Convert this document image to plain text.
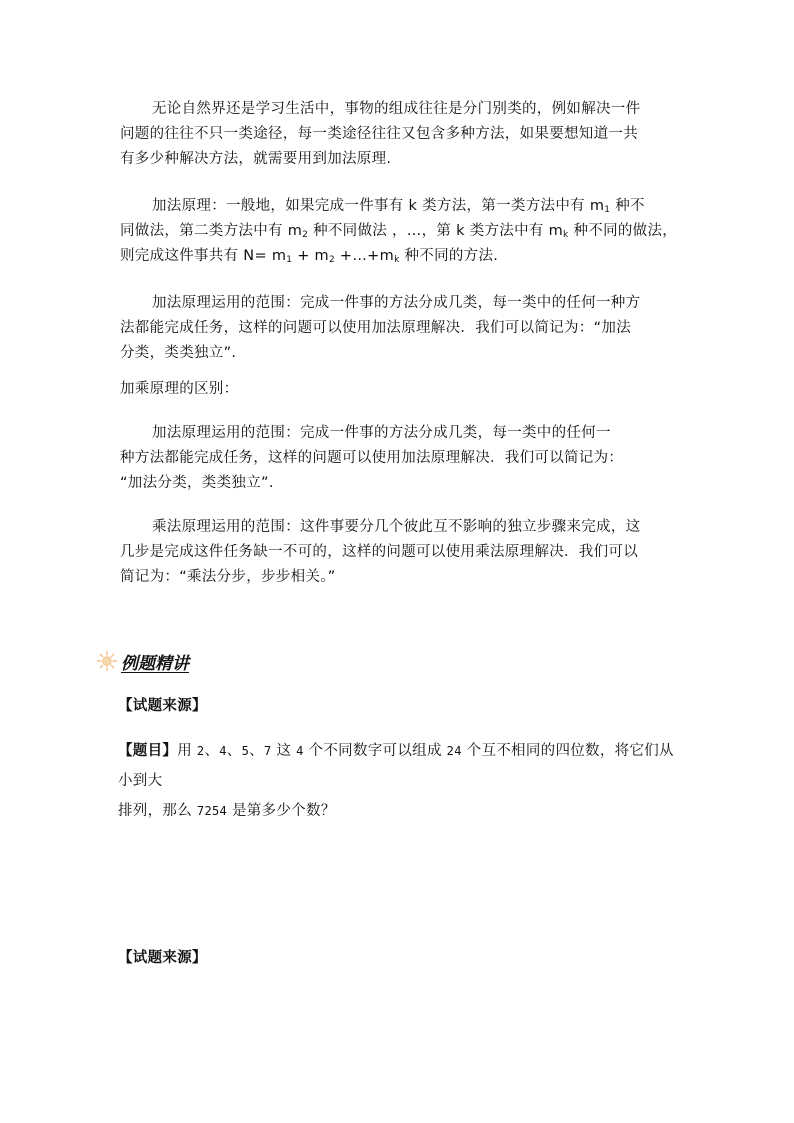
无论自然界还是学习生活中，事物的组成往往是分门别类的，例如解决一件
问题的往往不只一类途径，每一类途径往往又包含多种方法，如果要想知道一共
有多少种解决方法，就需要用到加法原理.
加法原理：一般地，如果完成一件事有 k 类方法，第一类方法中有 $m_1$ 种不
同做法，第二类方法中有 $m_2$ 种不同做法 ，…，第 k 类方法中有 $m_k$ 种不同的做法，
则完成这件事共有 $N= m_1 + m_2$ $+\dots+m_k$ 种不同的方法.
加法原理运用的范围：完成一件事的方法分成几类，每一类中的任何一种方
法都能完成任务，这样的问题可以使用加法原理解决．我们可以简记为：“加法
分类，类类独立”.
加乘原理的区别：
加法原理运用的范围：完成一件事的方法分成几类，每一类中的任何一
种方法都能完成任务，这样的问题可以使用加法原理解决．我们可以简记为：
“加法分类，类类独立”.
乘法原理运用的范围：这件事要分几个彼此互不影响的独立步骤来完成，这
几步是完成这件任务缺一不可的，这样的问题可以使用乘法原理解决．我们可以
简记为：“乘法分步，步步相关。”
例题精讲
【试题来源】
【题目】用 2、4、5、7 这 4 个不同数字可以组成 24 个互不相同的四位数，将它们从小到大
排列，那么 7254 是第多少个数？
【试题来源】
